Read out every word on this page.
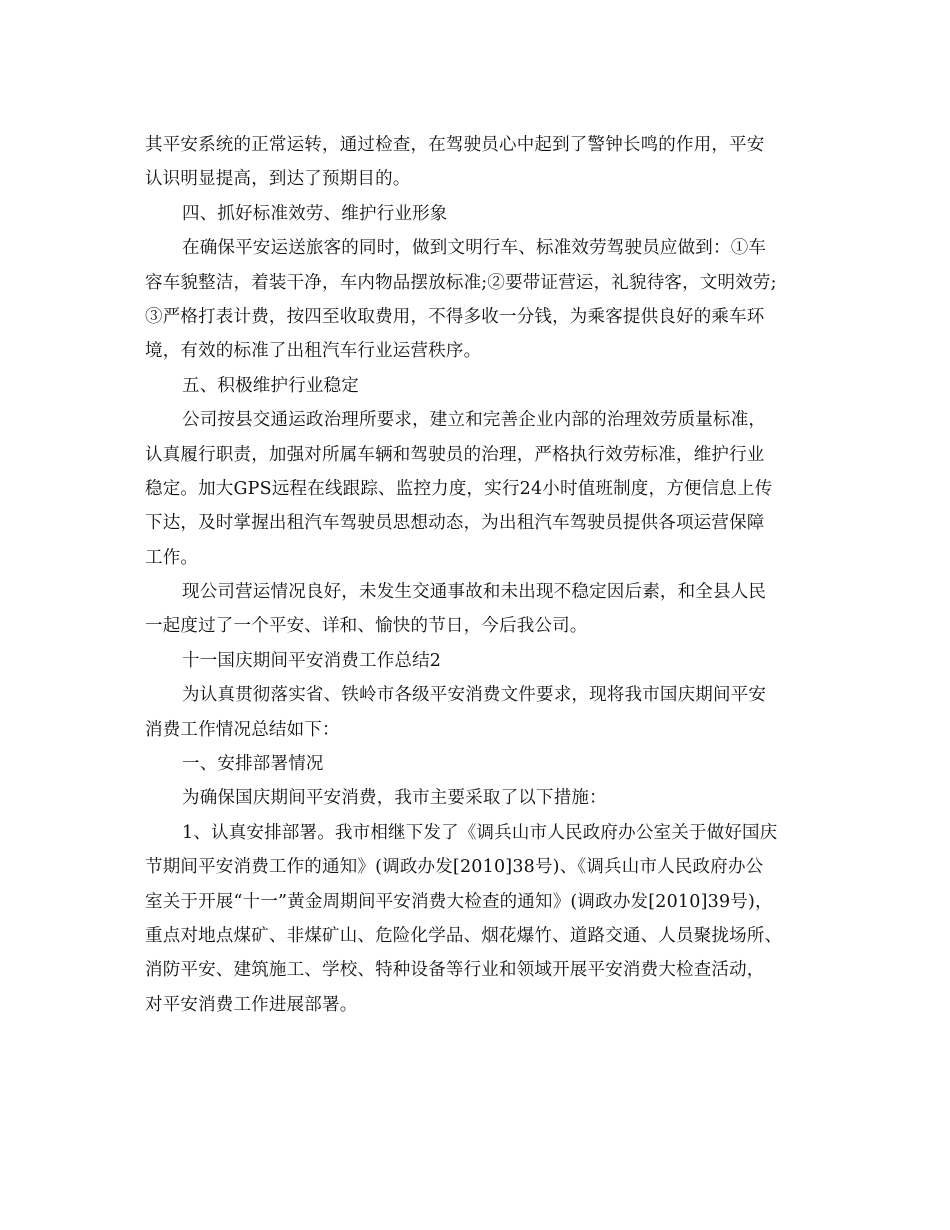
其平安系统的正常运转，通过检查，在驾驶员心中起到了警钟长鸣的作用，平安
认识明显提高，到达了预期目的。
四、抓好标准效劳、维护行业形象
在确保平安运送旅客的同时，做到文明行车、标准效劳驾驶员应做到：①车
容车貌整洁，着装干净，车内物品摆放标准;②要带证营运，礼貌待客，文明效劳;
③严格打表计费，按四至收取费用，不得多收一分钱，为乘客提供良好的乘车环
境，有效的标准了出租汽车行业运营秩序。
五、积极维护行业稳定
公司按县交通运政治理所要求，建立和完善企业内部的治理效劳质量标准，
认真履行职责，加强对所属车辆和驾驶员的治理，严格执行效劳标准，维护行业
稳定。加大GPS远程在线跟踪、监控力度，实行24小时值班制度，方便信息上传
下达，及时掌握出租汽车驾驶员思想动态，为出租汽车驾驶员提供各项运营保障
工作。
现公司营运情况良好，未发生交通事故和未出现不稳定因后素，和全县人民
一起度过了一个平安、详和、愉快的节日，今后我公司。
十一国庆期间平安消费工作总结2
为认真贯彻落实省、铁岭市各级平安消费文件要求，现将我市国庆期间平安
消费工作情况总结如下：
一、安排部署情况
为确保国庆期间平安消费，我市主要采取了以下措施：
1、认真安排部署。我市相继下发了《调兵山市人民政府办公室关于做好国庆
节期间平安消费工作的通知》(调政办发[2010]38号)、《调兵山市人民政府办公
室关于开展“十一”黄金周期间平安消费大检查的通知》(调政办发[2010]39号)，
重点对地点煤矿、非煤矿山、危险化学品、烟花爆竹、道路交通、人员聚拢场所、
消防平安、建筑施工、学校、特种设备等行业和领域开展平安消费大检查活动，
对平安消费工作进展部署。
